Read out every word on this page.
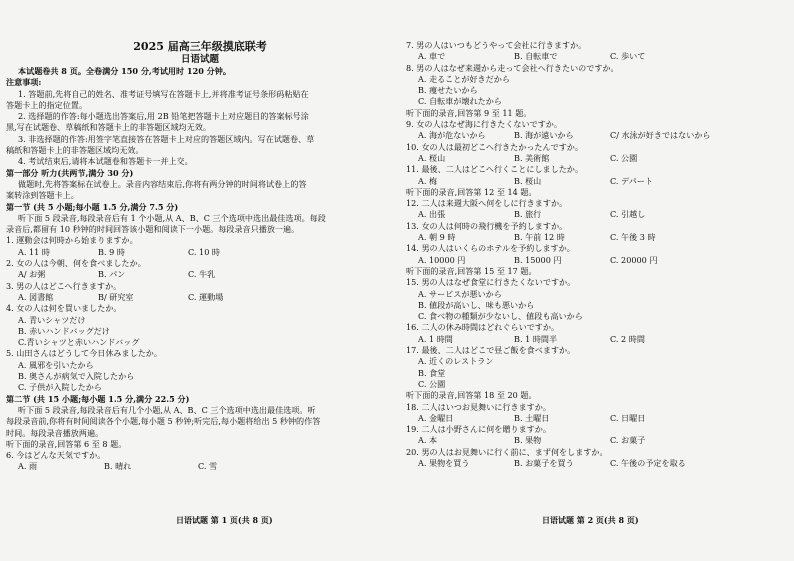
2025 届高三年级摸底联考
日语试题
本试题卷共 8 页。全卷满分 150 分,考试用时 120 分钟。
注意事项:
1. 答题前,先将自己的姓名、准考证号填写在答题卡上,并将准考证号条形码粘贴在
答题卡上的指定位置。
2. 选择题的作答:每小题选出答案后,用 2B 铅笔把答题卡上对应题目的答案标号涂
黑,写在试题卷、草稿纸和答题卡上的非答题区域均无效。
3. 非选择题的作答:用签字笔直接答在答题卡上对应的答题区域内。写在试题卷、草
稿纸和答题卡上的非答题区域均无效。
4. 考试结束后,请将本试题卷和答题卡一并上交。
第一部分 听力(共两节,满分 30 分)
做题时,先将答案标在试卷上。录音内容结束后,你将有两分钟的时间将试卷上的答
案转涂到答题卡上。
第一节 (共 5 小题;每小题 1.5 分,满分 7.5 分)
听下面 5 段录音,每段录音后有 1 个小题,从 A、B、C 三个选项中选出最佳选项。每段
录音后,都留有 10 秒钟的时间回答该小题和阅读下一小题。每段录音只播放一遍。
1. 運動会は何時から始まりますか。
A. 11 時	B. 9 時	C. 10 時
2. 女の人は今朝、何を食べましたか。
A/ お粥	B. パン	C. 牛乳
3. 男の人はどこへ行きますか。
A. 図書館	B/ 研究室	C. 運動場
4. 女の人は何を買いましたか。
A. 青いシャツだけ
B. 赤いハンドバッグだけ
C.青いシャツと赤いハンドバッグ
5. 山田さんはどうして今日休みましたか。
A. 風邪を引いたから
B. 奥さんが病気で入院したから
C. 子供が入院したから
第二节 (共 15 小题;每小题 1.5 分,满分 22.5 分)
听下面 5 段录音,每段录音后有几个小题,从 A、B、C 三个选项中选出最佳选项。听
每段录音前,你将有时间阅读各个小题,每小题 5 秒钟;听完后,每小题将给出 5 秒钟的作答
时间。每段录音播放两遍。
听下面的录音,回答第 6 至 8 题。
6. 今はどんな天気ですか。
A. 雨	B. 晴れ	C. 雪
7. 男の人はいつもどうやって会社に行きますか。
A. 車で	B. 自転車で	C. 歩いて
8. 男の人はなぜ来週から走って会社へ行きたいのですか。
A. 走ることが好きだから
B. 痩せたいから
C. 自転車が壊れたから
听下面的录音,回答第 9 至 11 题。
9. 女の人はなぜ海に行きたくないですか。
A. 海が危ないから	B. 海が遠いから	C/ 水泳が好きではないから
10. 女の人は最初どこへ行きたかったんですか。
A. 桜山	B. 美術館	C. 公園
11. 最後、二人はどこへ行くことにしましたか。
A. 梅	B. 桜山	C. デパート
听下面的录音,回答第 12 至 14 题。
12. 二人は来週大阪へ何をしに行きますか。
A. 出張	B. 旅行	C. 引越し
13. 女の人は何時の飛行機を予約しますか。
A. 朝 9 時	B. 午前 12 時	C. 午後 3 時
14. 男の人はいくらのホテルを予約しますか。
A. 10000 円	B. 15000 円	C. 20000 円
听下面的录音,回答第 15 至 17 题。
15. 男の人はなぜ食堂に行きたくないですか。
A. サービスが悪いから
B. 値段が高いし、味も悪いから
C. 食べ物の種類が少ないし、値段も高いから
16. 二人の休み時間はどれぐらいですか。
A. 1 時間	B. 1 時間半	C. 2 時間
17. 最後、二人はどこで昼ご飯を食べますか。
A. 近くのレストラン
B. 食堂
C. 公園
听下面的录音,回答第 18 至 20 题。
18. 二人はいつお見舞いに行きますか。
A. 金曜日	B. 土曜日	C. 日曜日
19. 二人は小野さんに何を贈りますか。
A. 本	B. 果物	C. お菓子
20. 男の人はお見舞いに行く前に、まず何をしますか。
A. 果物を買う	B. お菓子を買う	C. 午後の予定を取る
日语试题 第 1 页(共 8 页)	日语试题 第 2 页(共 8 页)
